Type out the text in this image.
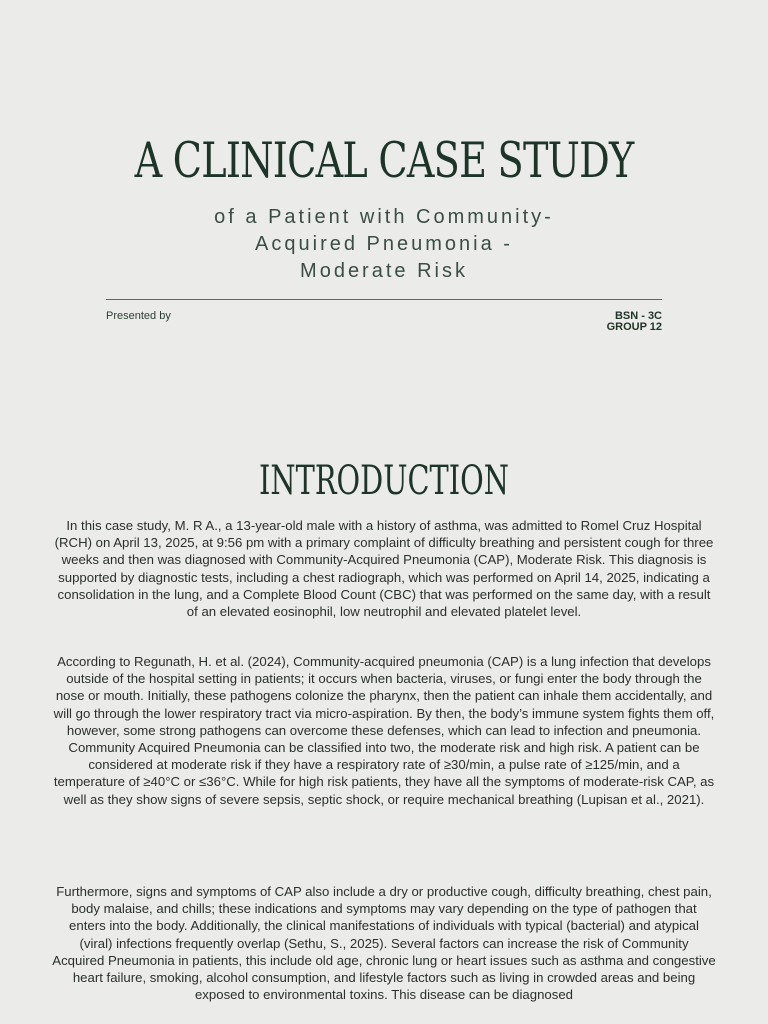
A CLINICAL CASE STUDY
of a Patient with Community-
Acquired Pneumonia -
Moderate Risk
Presented by	BSN - 3C
GROUP 12
INTRODUCTION

In this case study, M. R A., a 13-year-old male with a history of asthma, was admitted to Romel Cruz Hospital (RCH) on April 13, 2025, at 9:56 pm with a primary complaint of difficulty breathing and persistent cough for three weeks and then was diagnosed with Community-Acquired Pneumonia (CAP), Moderate Risk. This diagnosis is supported by diagnostic tests, including a chest radiograph, which was performed on April 14, 2025, indicating a consolidation in the lung, and a Complete Blood Count (CBC) that was performed on the same day, with a result of an elevated eosinophil, low neutrophil and elevated platelet level.

According to Regunath, H. et al. (2024), Community-acquired pneumonia (CAP) is a lung infection that develops outside of the hospital setting in patients; it occurs when bacteria, viruses, or fungi enter the body through the nose or mouth. Initially, these pathogens colonize the pharynx, then the patient can inhale them accidentally, and will go through the lower respiratory tract via micro-aspiration. By then, the body’s immune system fights them off, however, some strong pathogens can overcome these defenses, which can lead to infection and pneumonia. Community Acquired Pneumonia can be classified into two, the moderate risk and high risk. A patient can be considered at moderate risk if they have a respiratory rate of ≥30/min, a pulse rate of ≥125/min, and a temperature of ≥40°C or ≤36°C. While for high risk patients, they have all the symptoms of moderate-risk CAP, as well as they show signs of severe sepsis, septic shock, or require mechanical breathing (Lupisan et al., 2021).

Furthermore, signs and symptoms of CAP also include a dry or productive cough, difficulty breathing, chest pain, body malaise, and chills; these indications and symptoms may vary depending on the type of pathogen that enters into the body. Additionally, the clinical manifestations of individuals with typical (bacterial) and atypical (viral) infections frequently overlap (Sethu, S., 2025). Several factors can increase the risk of Community Acquired Pneumonia in patients, this include old age, chronic lung or heart issues such as asthma and congestive heart failure, smoking, alcohol consumption, and lifestyle factors such as living in crowded areas and being exposed to environmental toxins. This disease can be diagnosed
